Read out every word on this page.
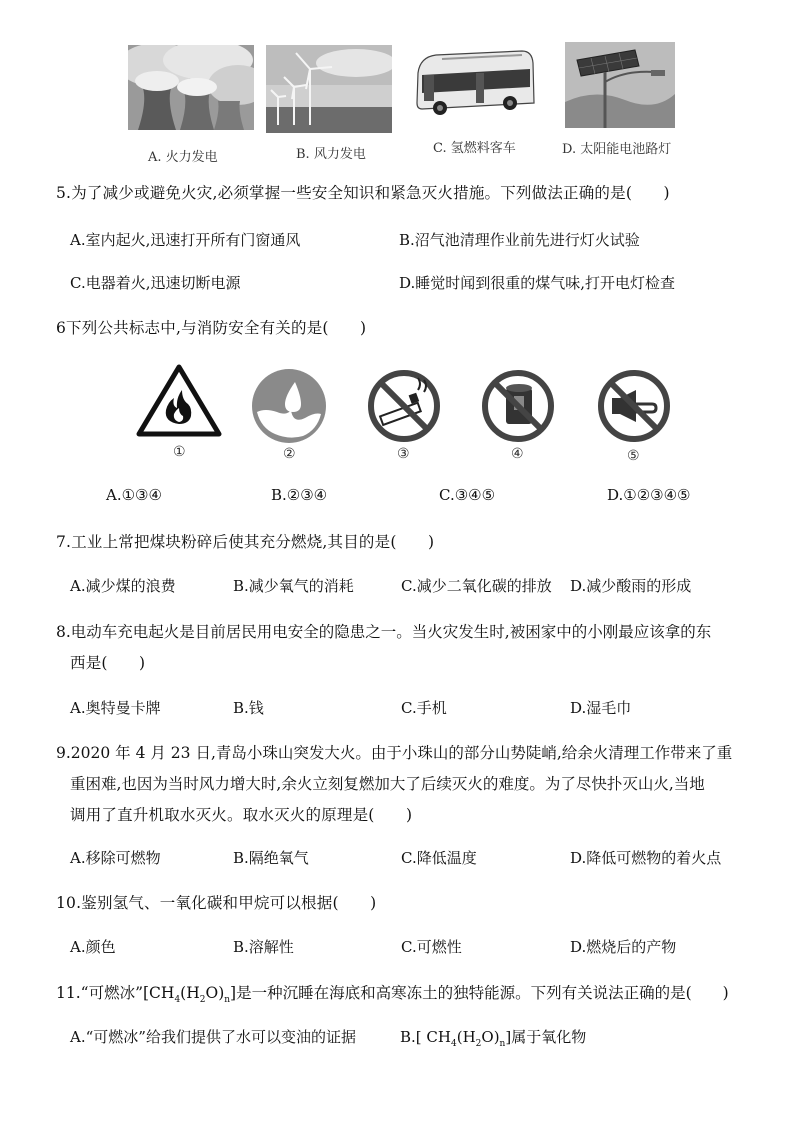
A. 火力发电	B. 风力发电	C. 氢燃料客车	D. 太阳能电池路灯
5.为了减少或避免火灾,必须掌握一些安全知识和紧急灭火措施。下列做法正确的是(　　)
A.室内起火,迅速打开所有门窗通风	B.沼气池清理作业前先进行灯火试验
C.电器着火,迅速切断电源	D.睡觉时闻到很重的煤气味,打开电灯检查
6下列公共标志中,与消防安全有关的是(　　)
①	②	③	④	⑤
A.①③④	B.②③④	C.③④⑤	D.①②③④⑤
7.工业上常把煤块粉碎后使其充分燃烧,其目的是(　　)
A.减少煤的浪费	B.减少氧气的消耗	C.减少二氧化碳的排放 D.减少酸雨的形成
8.电动车充电起火是目前居民用电安全的隐患之一。当火灾发生时,被困家中的小刚最应该拿的东
西是(　　)
A.奥特曼卡牌	B.钱	C.手机	D.湿毛巾
9.2020 年 4 月 23 日,青岛小珠山突发大火。由于小珠山的部分山势陡峭,给余火清理工作带来了重
重困难,也因为当时风力增大时,余火立刻复燃加大了后续灭火的难度。为了尽快扑灭山火,当地
调用了直升机取水灭火。取水灭火的原理是(　　)
A.移除可燃物	B.隔绝氧气	C.降低温度	D.降低可燃物的着火点
10.鉴别氢气、一氧化碳和甲烷可以根据(　　)
A.颜色	B.溶解性	C.可燃性	D.燃烧后的产物
11.“可燃冰$”[CH_4(H_2O)_n]$是一种沉睡在海底和高寒冻土的独特能源。下列有关说法正确的是(　　)
A.“可燃冰”给我们提供了水可以变油的证据	B.[ $CH_4(H_2O)_n$]属于氧化物
